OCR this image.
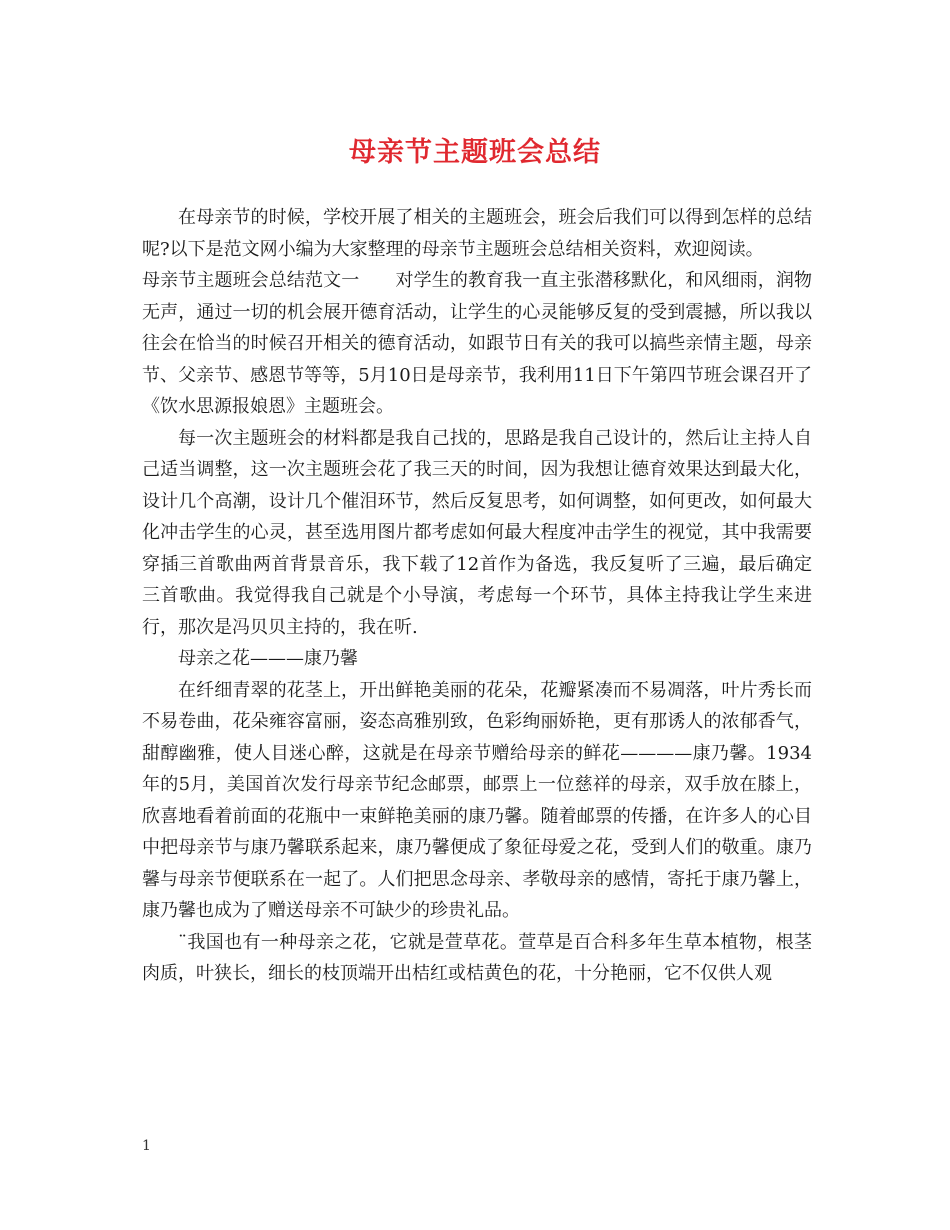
母亲节主题班会总结

在母亲节的时候，学校开展了相关的主题班会，班会后我们可以得到怎样的总结呢?以下是范文网小编为大家整理的母亲节主题班会总结相关资料，欢迎阅读。

母亲节主题班会总结范文一 对学生的教育我一直主张潜移默化，和风细雨，润物无声，通过一切的机会展开德育活动，让学生的心灵能够反复的受到震撼，所以我以往会在恰当的时候召开相关的德育活动，如跟节日有关的我可以搞些亲情主题，母亲节、父亲节、感恩节等等，5月10日是母亲节，我利用11日下午第四节班会课召开了《饮水思源报娘恩》主题班会。

每一次主题班会的材料都是我自己找的，思路是我自己设计的，然后让主持人自己适当调整，这一次主题班会花了我三天的时间，因为我想让德育效果达到最大化，设计几个高潮，设计几个催泪环节，然后反复思考，如何调整，如何更改，如何最大化冲击学生的心灵，甚至选用图片都考虑如何最大程度冲击学生的视觉，其中我需要穿插三首歌曲两首背景音乐，我下载了12首作为备选，我反复听了三遍，最后确定三首歌曲。我觉得我自己就是个小导演，考虑每一个环节，具体主持我让学生来进行，那次是冯贝贝主持的，我在听.

母亲之花———康乃馨

在纤细青翠的花茎上，开出鲜艳美丽的花朵，花瓣紧凑而不易凋落，叶片秀长而不易卷曲，花朵雍容富丽，姿态高雅别致，色彩绚丽娇艳，更有那诱人的浓郁香气，甜醇幽雅，使人目迷心醉，这就是在母亲节赠给母亲的鲜花————康乃馨。1934年的5月，美国首次发行母亲节纪念邮票，邮票上一位慈祥的母亲，双手放在膝上，欣喜地看着前面的花瓶中一束鲜艳美丽的康乃馨。随着邮票的传播，在许多人的心目中把母亲节与康乃馨联系起来，康乃馨便成了象征母爱之花，受到人们的敬重。康乃馨与母亲节便联系在一起了。人们把思念母亲、孝敬母亲的感情，寄托于康乃馨上，康乃馨也成为了赠送母亲不可缺少的珍贵礼品。

¨我国也有一种母亲之花，它就是萱草花。萱草是百合科多年生草本植物，根茎肉质，叶狭长，细长的枝顶端开出桔红或桔黄色的花，十分艳丽，它不仅供人观

1
